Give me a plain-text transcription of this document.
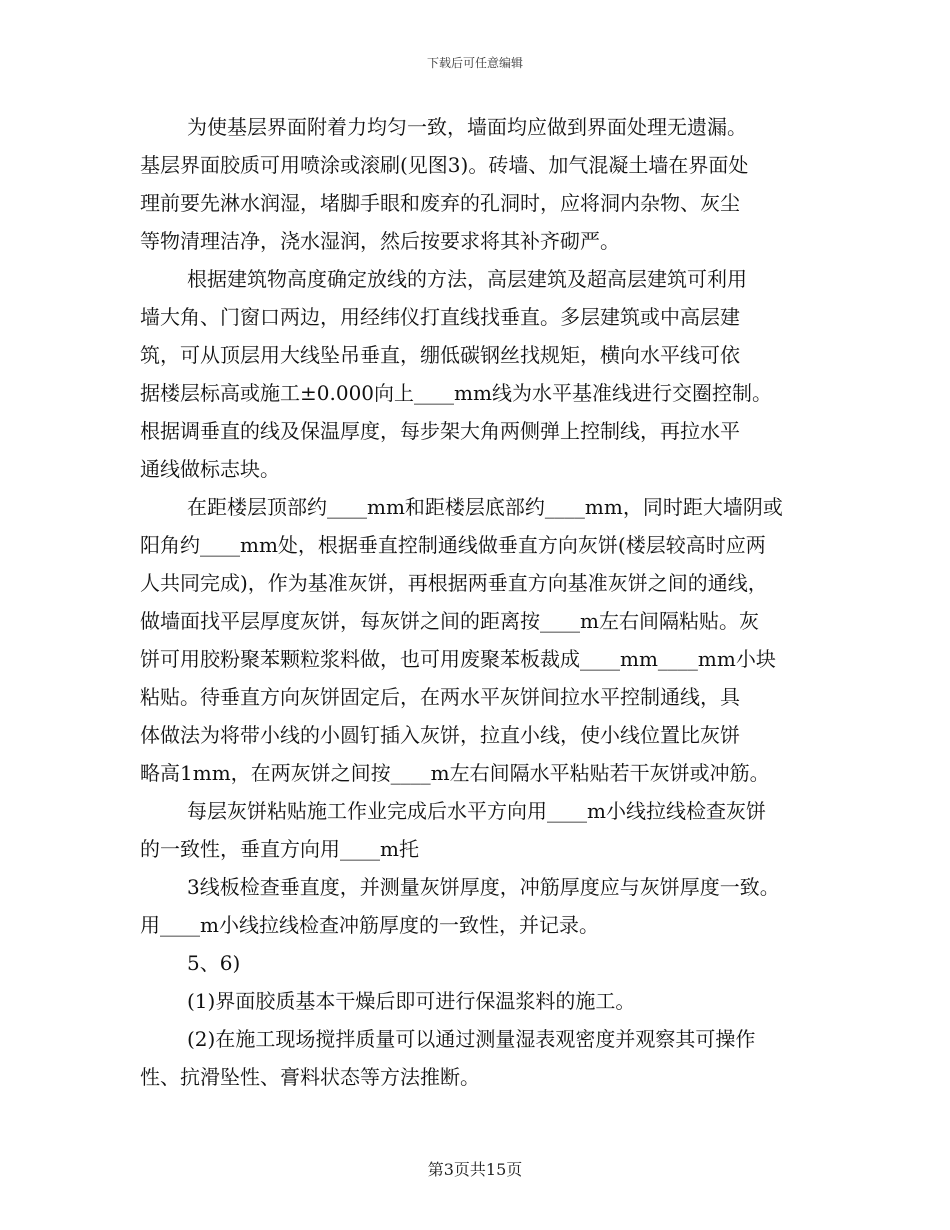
下载后可任意编辑
为使基层界面附着力均匀一致，墙面均应做到界面处理无遗漏。
基层界面胶质可用喷涂或滚刷(见图3)。砖墙、加气混凝土墙在界面处
理前要先淋水润湿，堵脚手眼和废弃的孔洞时，应将洞内杂物、灰尘
等物清理洁净，浇水湿润，然后按要求将其补齐砌严。
根据建筑物高度确定放线的方法，高层建筑及超高层建筑可利用
墙大角、门窗口两边，用经纬仪打直线找垂直。多层建筑或中高层建
筑，可从顶层用大线坠吊垂直，绷低碳钢丝找规矩，横向水平线可依
据楼层标高或施工±0.000向上____mm线为水平基准线进行交圈控制。
根据调垂直的线及保温厚度，每步架大角两侧弹上控制线，再拉水平
通线做标志块。
在距楼层顶部约____mm和距楼层底部约____mm，同时距大墙阴或
阳角约____mm处，根据垂直控制通线做垂直方向灰饼(楼层较高时应两
人共同完成)，作为基准灰饼，再根据两垂直方向基准灰饼之间的通线，
做墙面找平层厚度灰饼，每灰饼之间的距离按____m左右间隔粘贴。灰
饼可用胶粉聚苯颗粒浆料做，也可用废聚苯板裁成____mm____mm小块
粘贴。待垂直方向灰饼固定后，在两水平灰饼间拉水平控制通线，具
体做法为将带小线的小圆钉插入灰饼，拉直小线，使小线位置比灰饼
略高1mm，在两灰饼之间按____m左右间隔水平粘贴若干灰饼或冲筋。
每层灰饼粘贴施工作业完成后水平方向用____m小线拉线检查灰饼
的一致性，垂直方向用____m托
3线板检查垂直度，并测量灰饼厚度，冲筋厚度应与灰饼厚度一致。
用____m小线拉线检查冲筋厚度的一致性，并记录。
5、6)
(1)界面胶质基本干燥后即可进行保温浆料的施工。
(2)在施工现场搅拌质量可以通过测量湿表观密度并观察其可操作
性、抗滑坠性、膏料状态等方法推断。
第3页共15页
